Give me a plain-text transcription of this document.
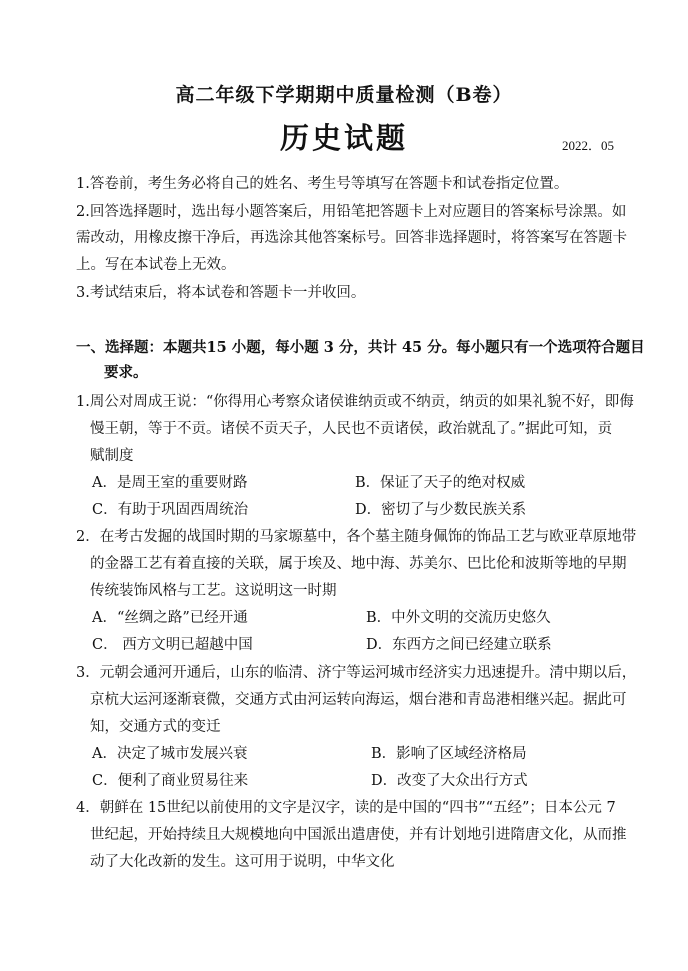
高二年级下学期期中质量检测（B卷）
历史试题	2022．05
1.答卷前，考生务必将自己的姓名、考生号等填写在答题卡和试卷指定位置。
2.回答选择题时，选出每小题答案后，用铅笔把答题卡上对应题目的答案标号涂黑。如
需改动，用橡皮擦干净后，再选涂其他答案标号。回答非选择题时，将答案写在答题卡
上。写在本试卷上无效。
3.考试结束后，将本试卷和答题卡一并收回。
一、选择题：本题共15 小题，每小题 3 分，共计 45 分。每小题只有一个选项符合题目
要求。
1.周公对周成王说：“你得用心考察众诸侯谁纳贡或不纳贡，纳贡的如果礼貌不好，即侮
慢王朝，等于不贡。诸侯不贡天子，人民也不贡诸侯，政治就乱了。”据此可知，贡
赋制度
A．是周王室的重要财路	B．保证了天子的绝对权威
C．有助于巩固西周统治	D．密切了与少数民族关系
2．在考古发掘的战国时期的马家塬墓中，各个墓主随身佩饰的饰品工艺与欧亚草原地带
的金器工艺有着直接的关联，属于埃及、地中海、苏美尔、巴比伦和波斯等地的早期
传统装饰风格与工艺。这说明这一时期
A．“丝绸之路”已经开通	B．中外文明的交流历史悠久
C． 西方文明已超越中国	D．东西方之间已经建立联系
3．元朝会通河开通后，山东的临清、济宁等运河城市经济实力迅速提升。清中期以后，
京杭大运河逐渐衰微，交通方式由河运转向海运，烟台港和青岛港相继兴起。据此可
知，交通方式的变迁
A．决定了城市发展兴衰	B．影响了区域经济格局
C．便利了商业贸易往来	D．改变了大众出行方式
4．朝鲜在 15世纪以前使用的文字是汉字，读的是中国的“四书”“五经”；日本公元 7
世纪起，开始持续且大规模地向中国派出遣唐使，并有计划地引进隋唐文化，从而推
动了大化改新的发生。这可用于说明，中华文化
